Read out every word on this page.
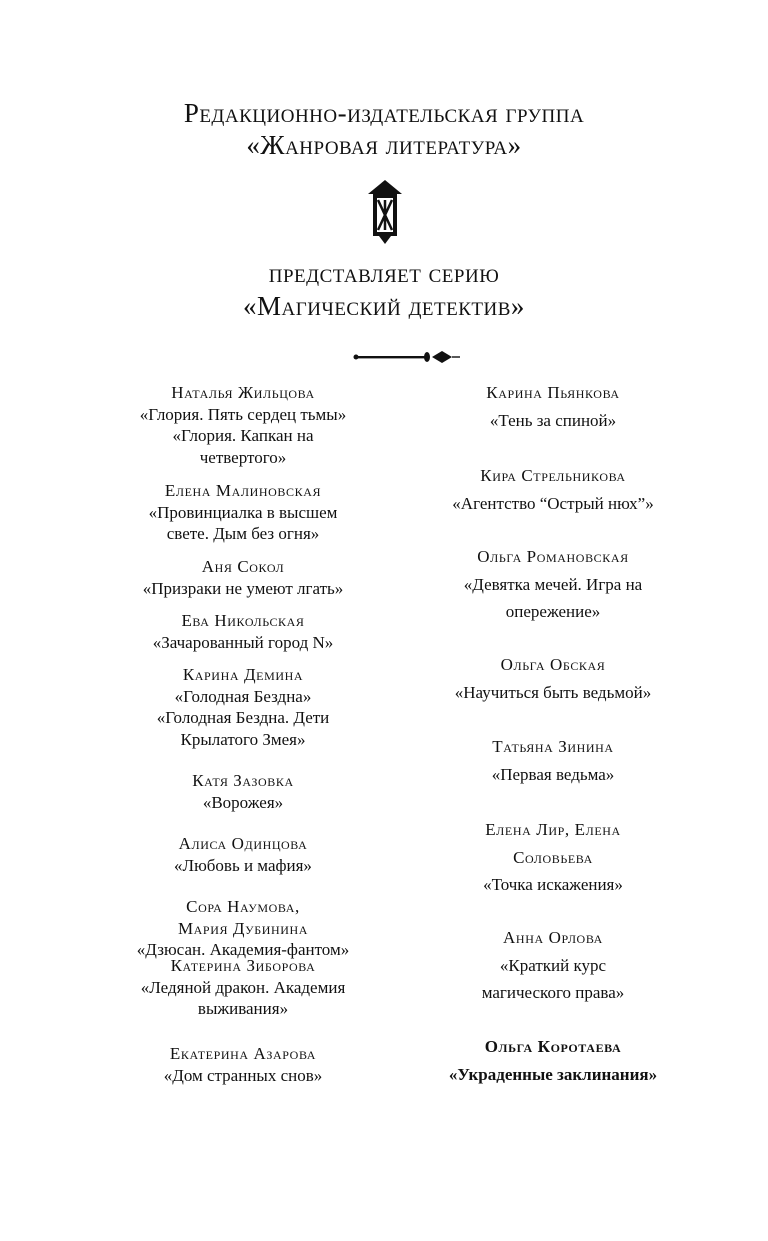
Редакционно-издательская группа
«Жанровая литература»
представляет серию
«Магический детектив»
Наталья Жильцова
«Глория. Пять сердец тьмы»
«Глория. Капкан на
четвертого»
Елена Малиновская
«Провинциалка в высшем
свете. Дым без огня»
Аня Сокол
«Призраки не умеют лгать»
Ева Никольская
«Зачарованный город N»
Карина Демина
«Голодная Бездна»
«Голодная Бездна. Дети
Крылатого Змея»
Катя Зазовка
«Ворожея»
Алиса Одинцова
«Любовь и мафия»
Сора Наумова,
Мария Дубинина
«Дзюсан. Академия-фантом»
Катерина Зиборова
«Ледяной дракон. Академия
выживания»
Екатерина Азарова
«Дом странных снов»
Карина Пьянкова
«Тень за спиной»
Кира Стрельникова
«Агентство “Острый нюх”»
Ольга Романовская
«Девятка мечей. Игра на
опережение»
Ольга Обская
«Научиться быть ведьмой»
Татьяна Зинина
«Первая ведьма»
Елена Лир, Елена
Соловьева
«Точка искажения»
Анна Орлова
«Краткий курс
магического права»
Ольга Коротаева
«Украденные заклинания»
